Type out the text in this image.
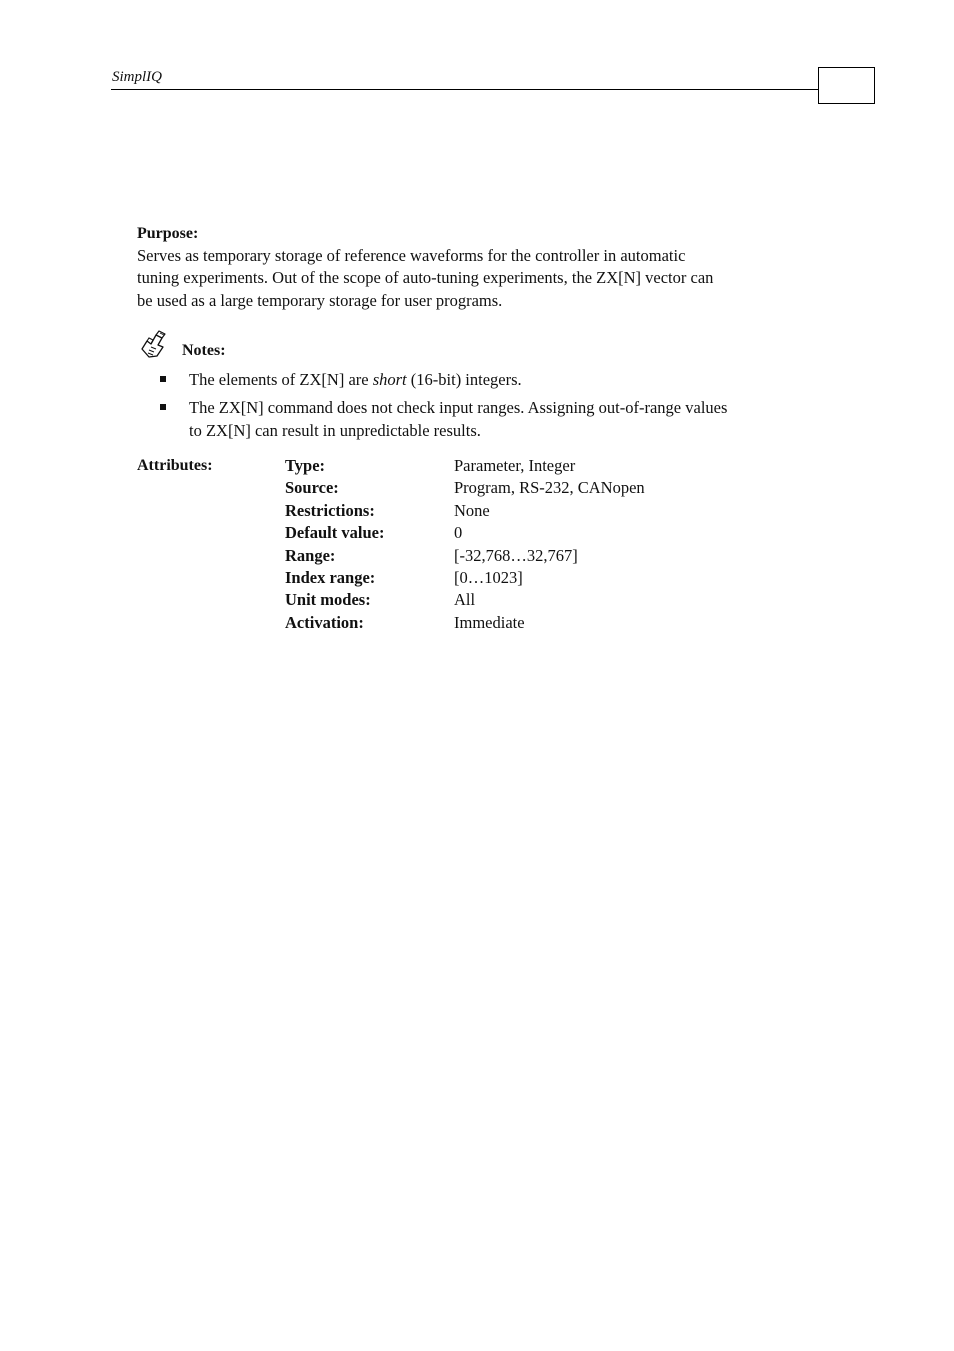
SimplIQ
Purpose:

Serves as temporary storage of reference waveforms for the controller in automatic

tuning experiments. Out of the scope of auto-tuning experiments, the ZX[N] vector can

be used as a large temporary storage for user programs.

Notes:
The elements of ZX[N] are short (16-bit) integers.
The ZX[N] command does not check input ranges. Assigning out-of-range values
to ZX[N] can result in unpredictable results.
Attributes:	Type:	Parameter, Integer
Source:	Program, RS-232, CANopen
Restrictions:	None
Default value:	0
Range:	[-32,768…32,767]
Index range:	[0…1023]
Unit modes:	All
Activation:	Immediate
